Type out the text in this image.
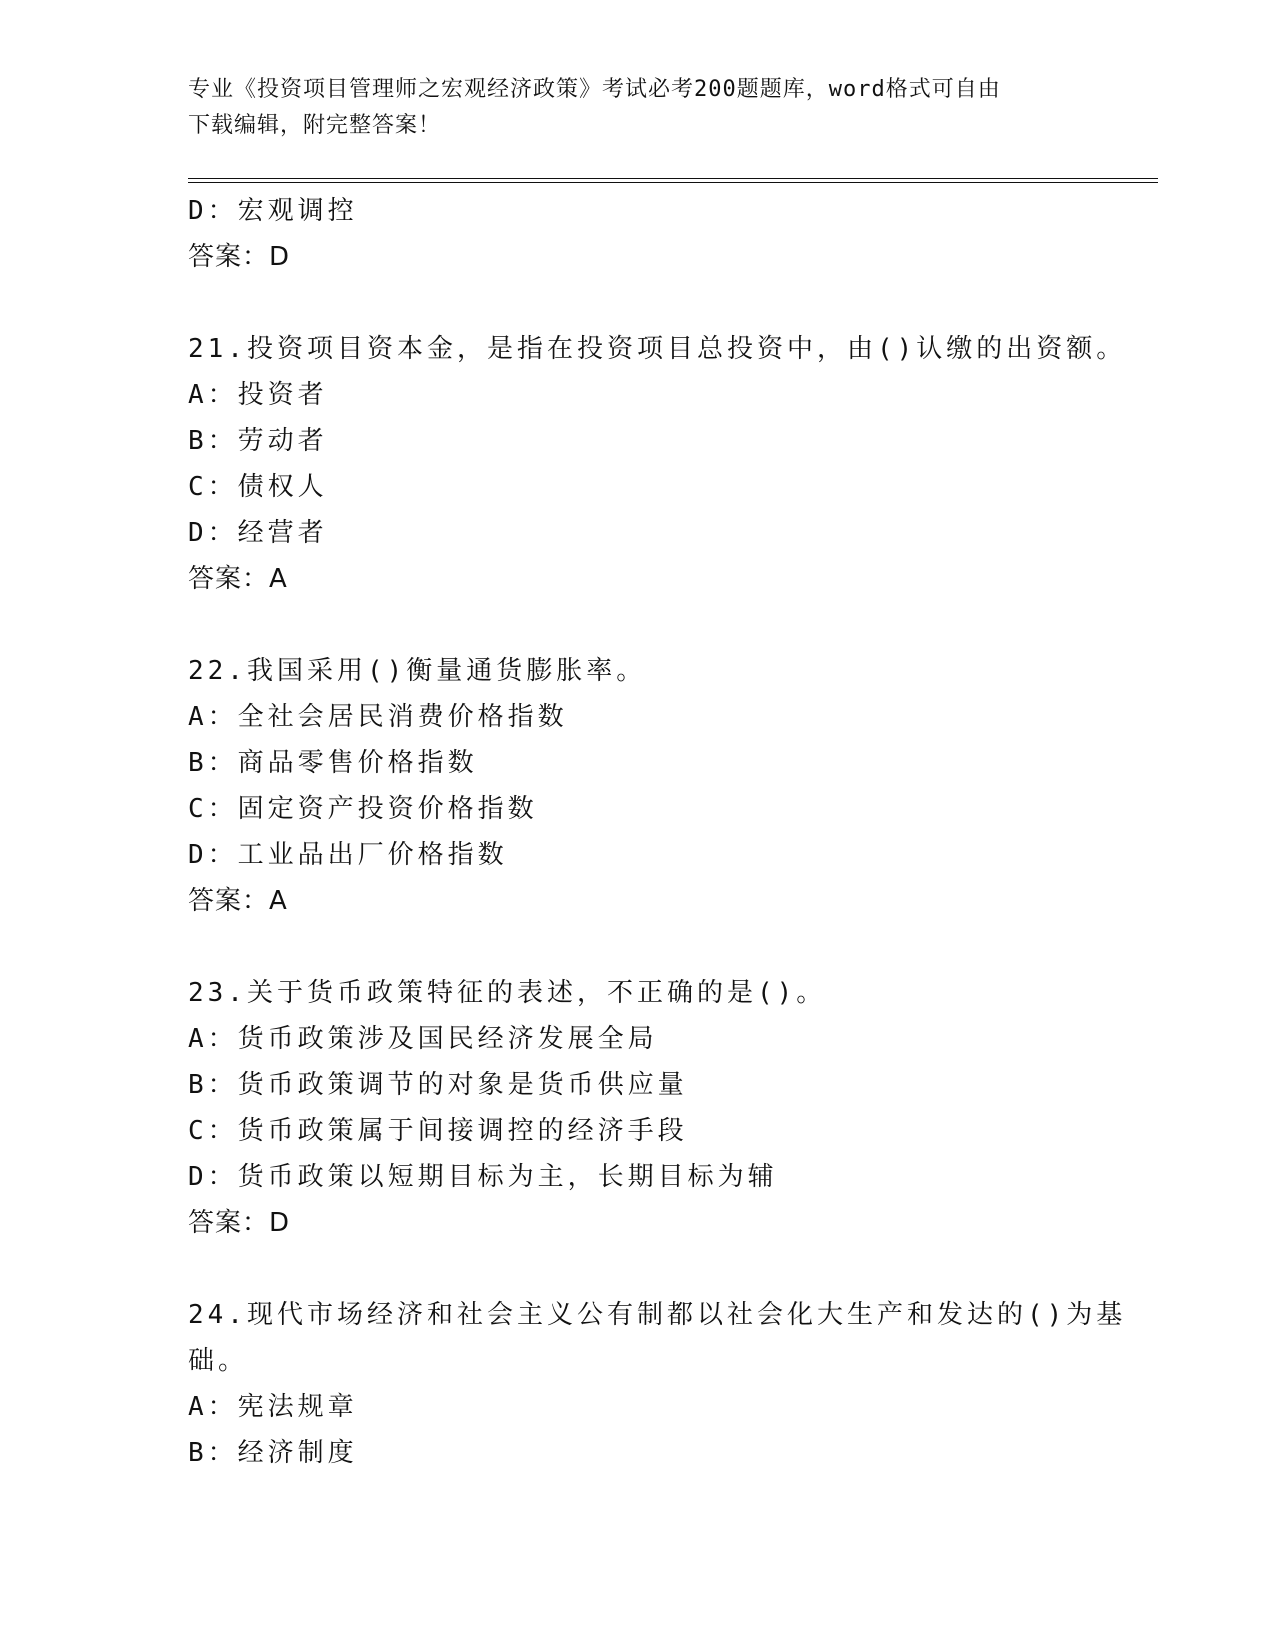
专业《投资项目管理师之宏观经济政策》考试必考200题题库，word格式可自由
下载编辑，附完整答案！
D：宏观调控
答案：D
21.投资项目资本金，是指在投资项目总投资中，由()认缴的出资额。
A：投资者
B：劳动者
C：债权人
D：经营者
答案：A
22.我国采用()衡量通货膨胀率。
A：全社会居民消费价格指数
B：商品零售价格指数
C：固定资产投资价格指数
D：工业品出厂价格指数
答案：A
23.关于货币政策特征的表述，不正确的是()。
A：货币政策涉及国民经济发展全局
B：货币政策调节的对象是货币供应量
C：货币政策属于间接调控的经济手段
D：货币政策以短期目标为主，长期目标为辅
答案：D
24.现代市场经济和社会主义公有制都以社会化大生产和发达的()为基
础。
A：宪法规章
B：经济制度
